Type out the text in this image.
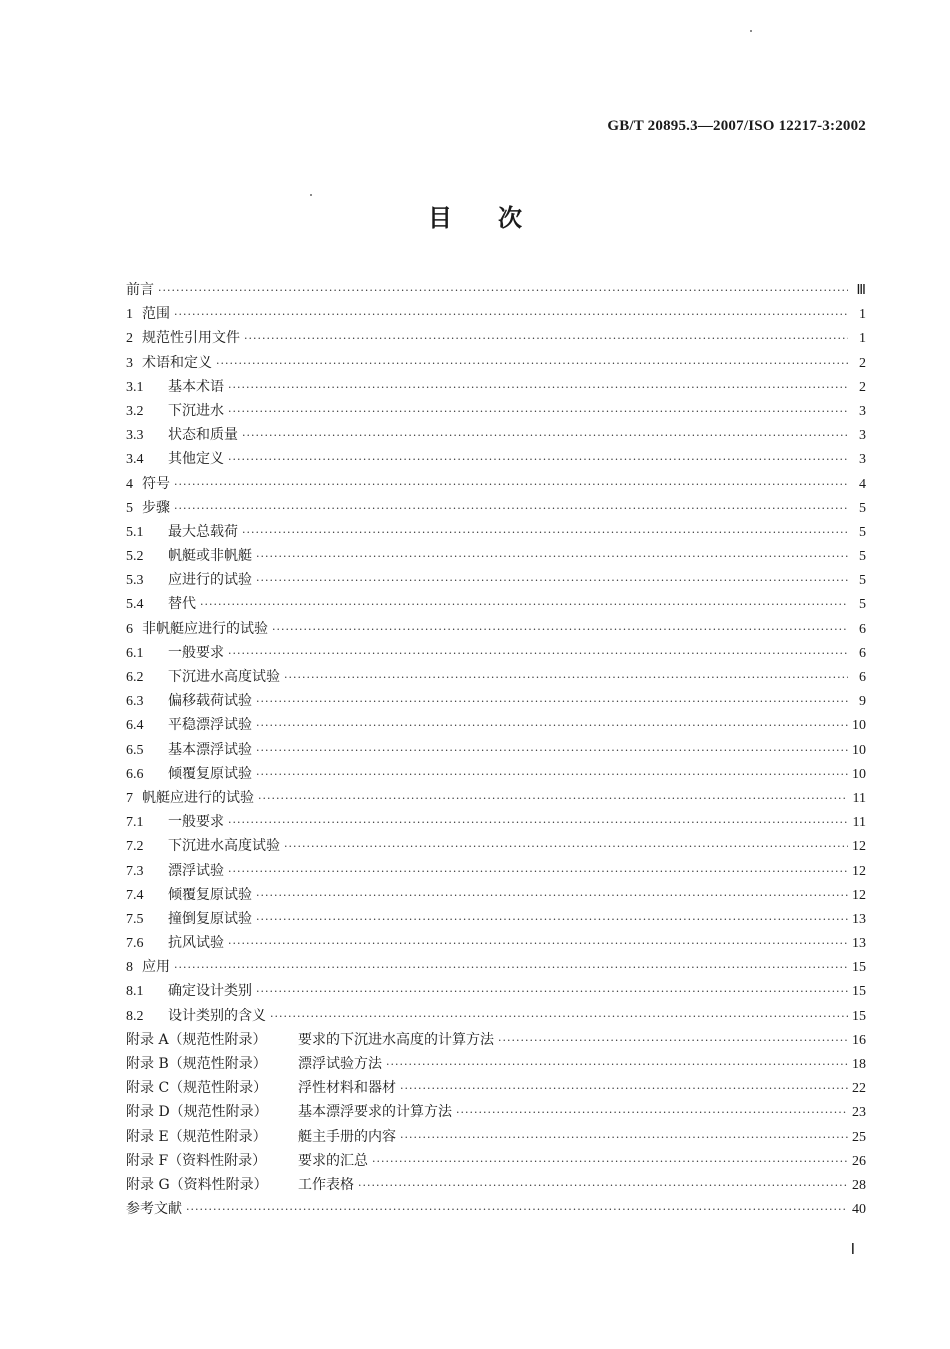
GB/T 20895.3—2007/ISO 12217-3:2002
目次
前言 ·····	Ⅲ
1 范围 ·····	1
2 规范性引用文件 ·····	1
3 术语和定义 ·····	2
3.1	基本术语 ·····	2
3.2	下沉进水 ·····	3
3.3	状态和质量 ·····	3
3.4	其他定义 ·····	3
4 符号 ·····	4
5 步骤 ·····	5
5.1	最大总载荷 ·····	5
5.2	帆艇或非帆艇 ·····	5
5.3	应进行的试验 ·····	5
5.4	替代 ·····	5
6 非帆艇应进行的试验 ·····	6
6.1	一般要求 ·····	6
6.2	下沉进水高度试验 ·····	6
6.3	偏移载荷试验 ·····	9
6.4	平稳漂浮试验 ·····	10
6.5	基本漂浮试验 ·····	10
6.6	倾覆复原试验 ·····	10
7 帆艇应进行的试验 ·····	11
7.1	一般要求 ·····	11
7.2	下沉进水高度试验 ·····	12
7.3	漂浮试验 ·····	12
7.4	倾覆复原试验 ·····	12
7.5	撞倒复原试验 ·····	13
7.6	抗风试验 ·····	13
8 应用 ·····	15
8.1	确定设计类别 ·····	15
8.2	设计类别的含义 ·····	15
附录 A（规范性附录）	要求的下沉进水高度的计算方法 ·····	16
附录 B（规范性附录）	漂浮试验方法 ·····	18
附录 C（规范性附录）	浮性材料和器材 ·····	22
附录 D（规范性附录）	基本漂浮要求的计算方法 ·····	23
附录 E（规范性附录）	艇主手册的内容 ·····	25
附录 F（资料性附录）	要求的汇总 ·····	26
附录 G（资料性附录）	工作表格 ·····	28
参考文献 ·····	40
Ⅰ
